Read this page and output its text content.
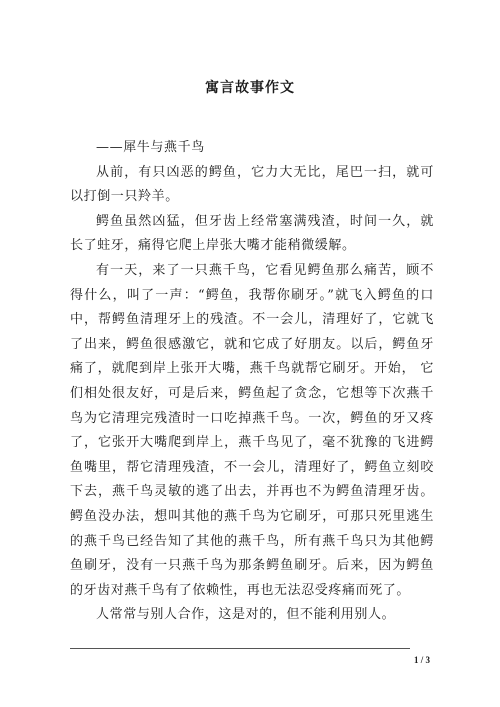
寓言故事作文

——犀牛与燕千鸟

从前，有只凶恶的鳄鱼，它力大无比，尾巴一扫，就可以打倒一只羚羊。

鳄鱼虽然凶猛，但牙齿上经常塞满残渣，时间一久，就长了蛀牙，痛得它爬上岸张大嘴才能稍微缓解。

有一天，来了一只燕千鸟，它看见鳄鱼那么痛苦，顾不得什么，叫了一声：“鳄鱼，我帮你刷牙。”就飞入鳄鱼的口中，帮鳄鱼清理牙上的残渣。不一会儿，清理好了，它就飞了出来，鳄鱼很感激它，就和它成了好朋友。以后，鳄鱼牙痛了，就爬到岸上张开大嘴，燕千鸟就帮它刷牙。开始， 它们相处很友好，可是后来，鳄鱼起了贪念，它想等下次燕千鸟为它清理完残渣时一口吃掉燕千鸟。一次，鳄鱼的牙又疼了，它张开大嘴爬到岸上，燕千鸟见了，毫不犹豫的飞进鳄鱼嘴里，帮它清理残渣，不一会儿，清理好了，鳄鱼立刻咬下去，燕千鸟灵敏的逃了出去，并再也不为鳄鱼清理牙齿。鳄鱼没办法，想叫其他的燕千鸟为它刷牙，可那只死里逃生的燕千鸟已经告知了其他的燕千鸟，所有燕千鸟只为其他鳄鱼刷牙，没有一只燕千鸟为那条鳄鱼刷牙。后来，因为鳄鱼的牙齿对燕千鸟有了依赖性，再也无法忍受疼痛而死了。

人常常与别人合作，这是对的，但不能利用别人。

1 / 3
